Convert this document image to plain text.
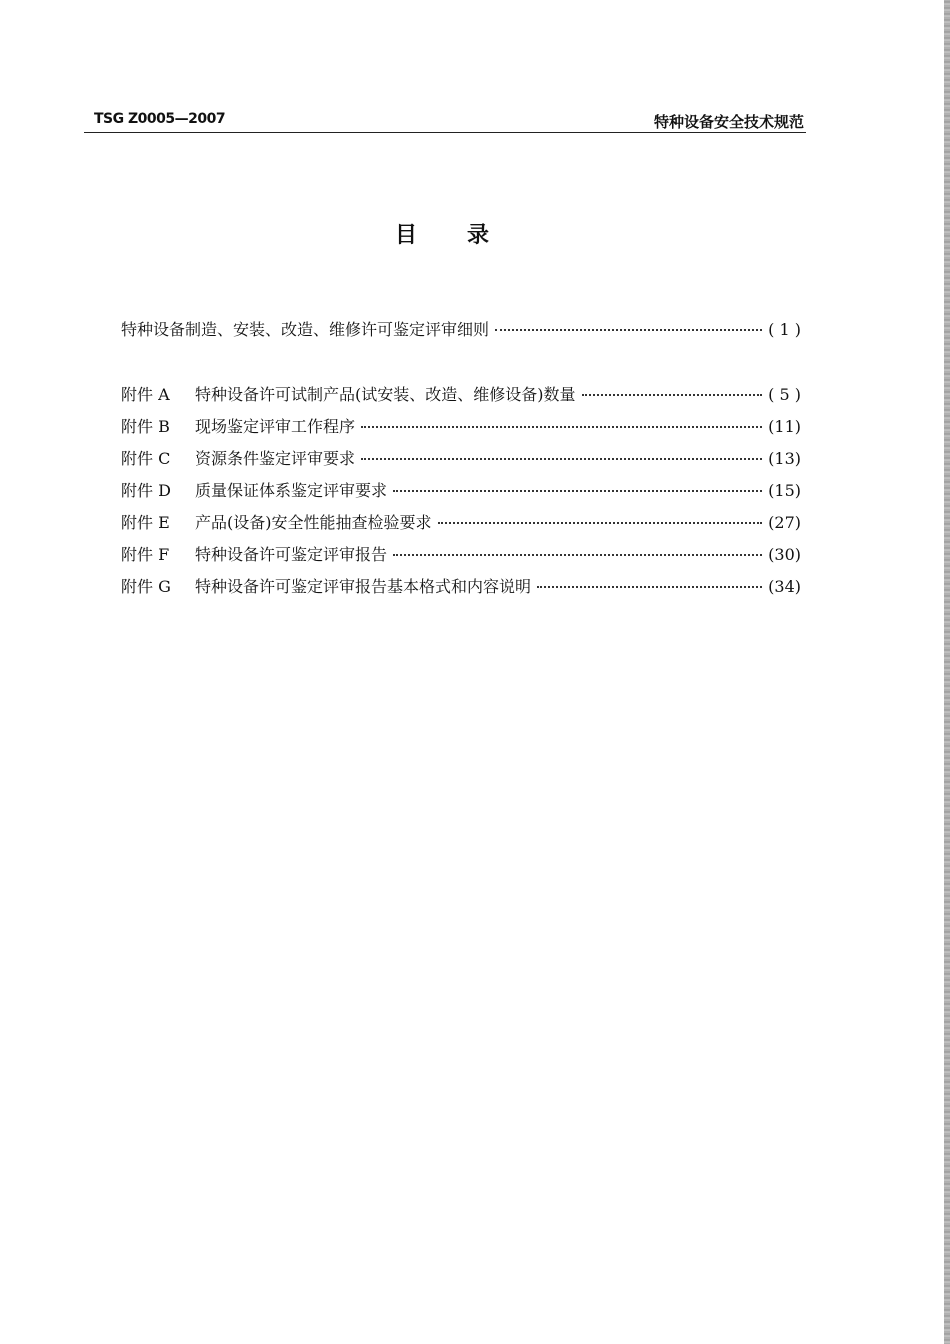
TSG Z0005—2007	特种设备安全技术规范
目录
特种设备制造、安装、改造、维修许可鉴定评审细则	( 1 )
附件 A	特种设备许可试制产品(试安装、改造、维修设备)数量	( 5 )
附件 B	现场鉴定评审工作程序	(11)
附件 C	资源条件鉴定评审要求	(13)
附件 D	质量保证体系鉴定评审要求	(15)
附件 E	产品(设备)安全性能抽查检验要求	(27)
附件 F	特种设备许可鉴定评审报告	(30)
附件 G	特种设备许可鉴定评审报告基本格式和内容说明	(34)
